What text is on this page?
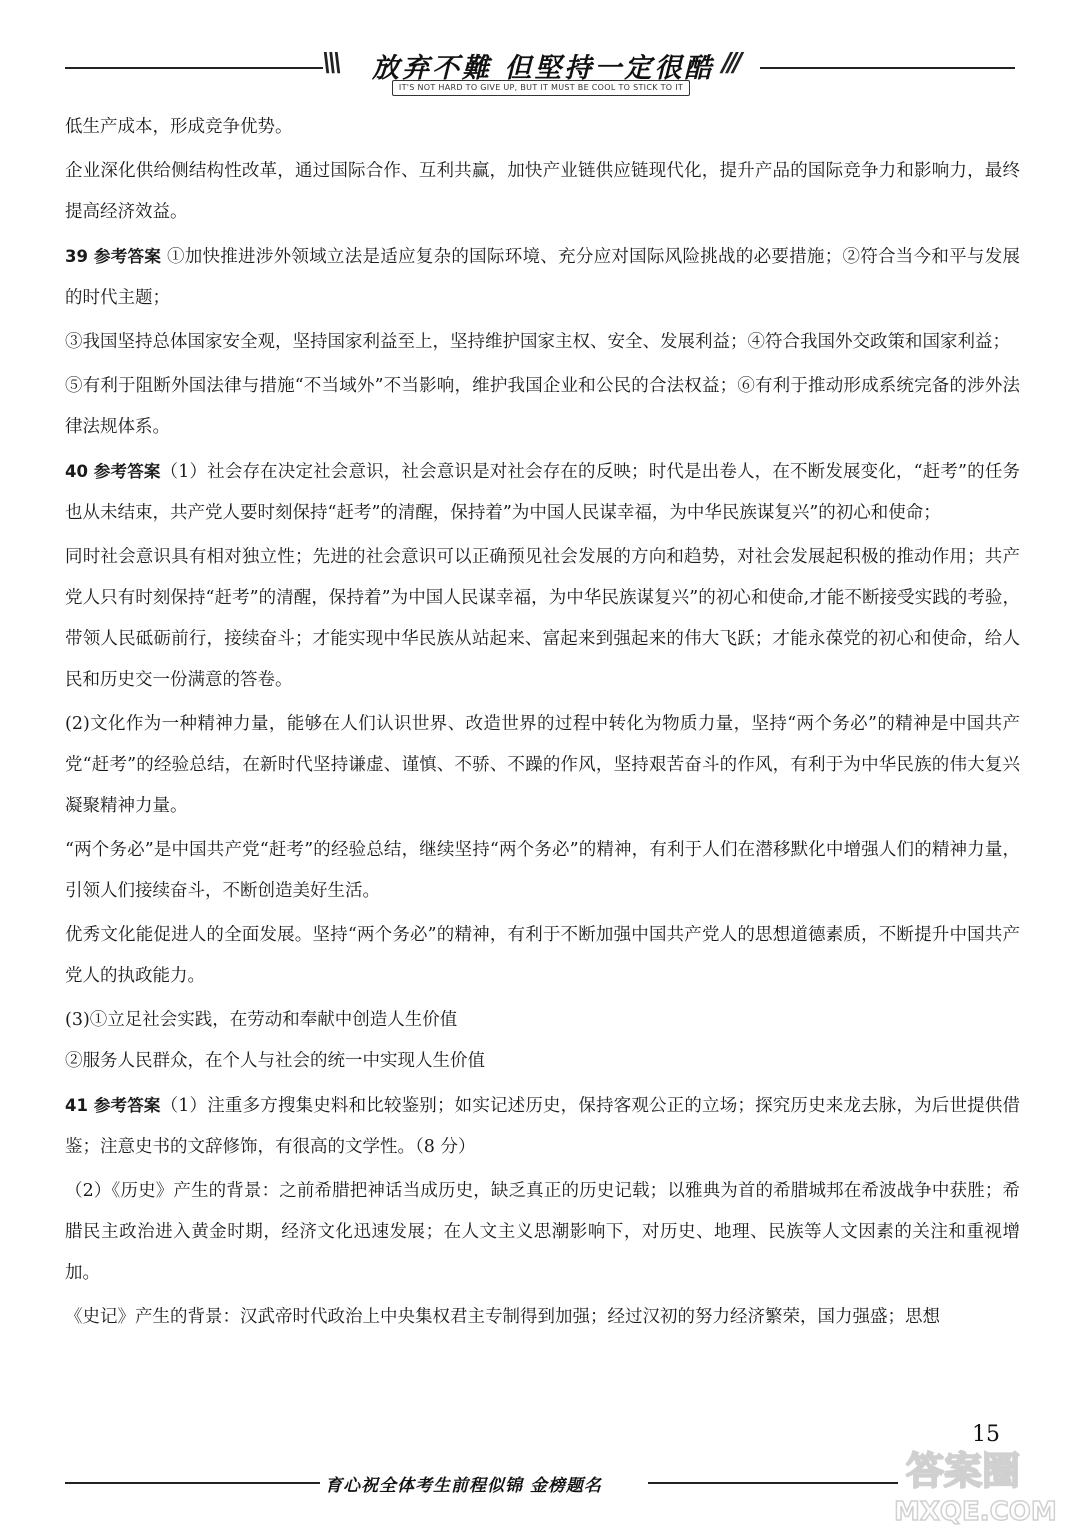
\\\ 放弃不難 但堅持一定很酷 ///
IT'S NOT HARD TO GIVE UP, BUT IT MUST BE COOL TO STICK TO IT

低生产成本，形成竞争优势。

企业深化供给侧结构性改革，通过国际合作、互利共赢，加快产业链供应链现代化，提升产品的国际竞争力和影响力，最终提高经济效益。

39 参考答案 ①加快推进涉外领域立法是适应复杂的国际环境、充分应对国际风险挑战的必要措施；②符合当今和平与发展的时代主题；

③我国坚持总体国家安全观，坚持国家利益至上，坚持维护国家主权、安全、发展利益；④符合我国外交政策和国家利益；

⑤有利于阻断外国法律与措施“不当域外”不当影响，维护我国企业和公民的合法权益；⑥有利于推动形成系统完备的涉外法律法规体系。

40 参考答案（1）社会存在决定社会意识，社会意识是对社会存在的反映；时代是出卷人，在不断发展变化，“赶考”的任务也从未结束，共产党人要时刻保持“赶考”的清醒，保持着”为中国人民谋幸福，为中华民族谋复兴”的初心和使命；

同时社会意识具有相对独立性；先进的社会意识可以正确预见社会发展的方向和趋势，对社会发展起积极的推动作用；共产党人只有时刻保持“赶考”的清醒，保持着”为中国人民谋幸福，为中华民族谋复兴”的初心和使命,才能不断接受实践的考验，带领人民砥砺前行，接续奋斗；才能实现中华民族从站起来、富起来到强起来的伟大飞跃；才能永葆党的初心和使命，给人民和历史交一份满意的答卷。

(2)文化作为一种精神力量，能够在人们认识世界、改造世界的过程中转化为物质力量，坚持“两个务必”的精神是中国共产党“赶考”的经验总结，在新时代坚持谦虚、谨慎、不骄、不躁的作风，坚持艰苦奋斗的作风，有利于为中华民族的伟大复兴凝聚精神力量。

“两个务必”是中国共产党“赶考”的经验总结，继续坚持“两个务必”的精神，有利于人们在潜移默化中增强人们的精神力量，引领人们接续奋斗，不断创造美好生活。

优秀文化能促进人的全面发展。坚持“两个务必”的精神，有利于不断加强中国共产党人的思想道德素质，不断提升中国共产党人的执政能力。

(3)①立足社会实践，在劳动和奉献中创造人生价值

②服务人民群众，在个人与社会的统一中实现人生价值

41 参考答案（1）注重多方搜集史料和比较鉴别；如实记述历史，保持客观公正的立场；探究历史来龙去脉，为后世提供借鉴；注意史书的文辞修饰，有很高的文学性。（8 分）

（2）《历史》产生的背景：之前希腊把神话当成历史，缺乏真正的历史记载；以雅典为首的希腊城邦在希波战争中获胜；希腊民主政治进入黄金时期，经济文化迅速发展；在人文主义思潮影响下，对历史、地理、民族等人文因素的关注和重视增加。

《史记》产生的背景：汉武帝时代政治上中央集权君主专制得到加强；经过汉初的努力经济繁荣，国力强盛；思想

15
育心祝全体考生前程似锦 金榜题名	答案圈
MXQE.COM
